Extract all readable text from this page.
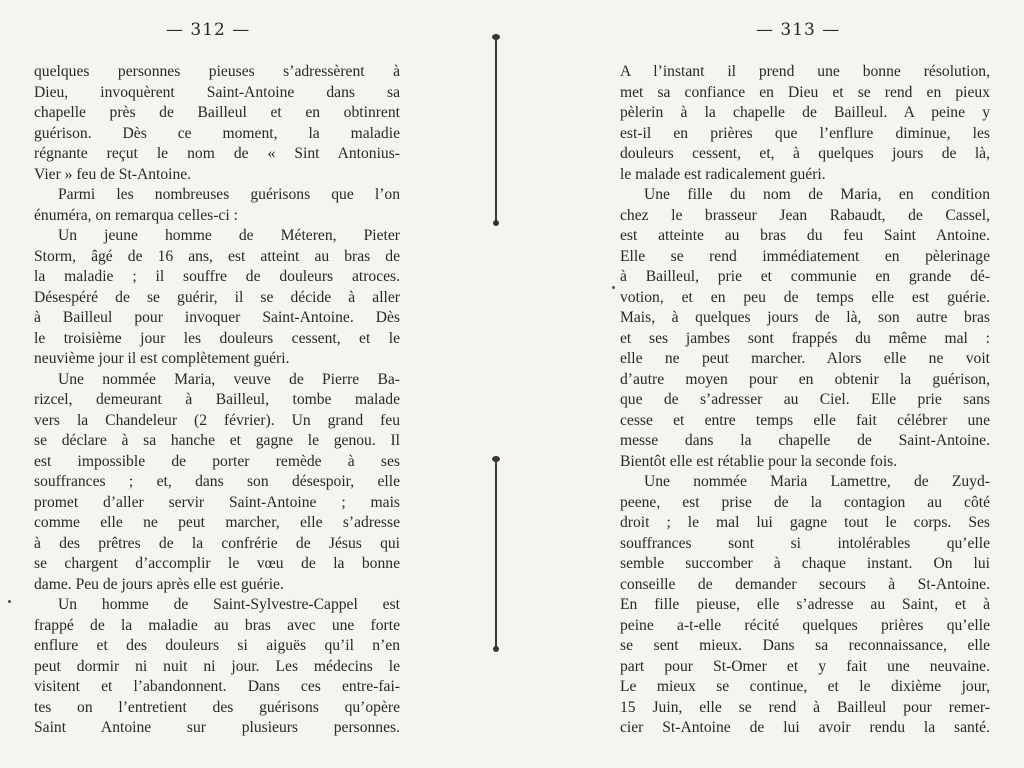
— 312 —
quelques personnes pieuses s’adressèrent à
Dieu, invoquèrent Saint-Antoine dans sa
chapelle près de Bailleul et en obtinrent
guérison. Dès ce moment, la maladie
régnante reçut le nom de « Sint Antonius-
Vier » feu de St-Antoine.
Parmi les nombreuses guérisons que l’on
énuméra, on remarqua celles-ci :
Un jeune homme de Méteren, Pieter
Storm, âgé de 16 ans, est atteint au bras de
la maladie ; il souffre de douleurs atroces.
Désespéré de se guérir, il se décide à aller
à Bailleul pour invoquer Saint-Antoine. Dès
le troisième jour les douleurs cessent, et le
neuvième jour il est complètement guéri.
Une nommée Maria, veuve de Pierre Ba-
rizcel, demeurant à Bailleul, tombe malade
vers la Chandeleur (2 février). Un grand feu
se déclare à sa hanche et gagne le genou. Il
est impossible de porter remède à ses
souffrances ; et, dans son désespoir, elle
promet d’aller servir Saint-Antoine ; mais
comme elle ne peut marcher, elle s’adresse
à des prêtres de la confrérie de Jésus qui
se chargent d’accomplir le vœu de la bonne
dame. Peu de jours après elle est guérie.
Un homme de Saint-Sylvestre-Cappel est
frappé de la maladie au bras avec une forte
enflure et des douleurs si aiguës qu’il n’en
peut dormir ni nuit ni jour. Les médecins le
visitent et l’abandonnent. Dans ces entre-fai-
tes on l’entretient des guérisons qu’opère
Saint Antoine sur plusieurs personnes.
— 313 —
A l’instant il prend une bonne résolution,
met sa confiance en Dieu et se rend en pieux
pèlerin à la chapelle de Bailleul. A peine y
est-il en prières que l’enflure diminue, les
douleurs cessent, et, à quelques jours de là,
le malade est radicalement guéri.
Une fille du nom de Maria, en condition
chez le brasseur Jean Rabaudt, de Cassel,
est atteinte au bras du feu Saint Antoine.
Elle se rend immédiatement en pèlerinage
à Bailleul, prie et communie en grande dé-
votion, et en peu de temps elle est guérie.
Mais, à quelques jours de là, son autre bras
et ses jambes sont frappés du même mal :
elle ne peut marcher. Alors elle ne voit
d’autre moyen pour en obtenir la guérison,
que de s’adresser au Ciel. Elle prie sans
cesse et entre temps elle fait célébrer une
messe dans la chapelle de Saint-Antoine.
Bientôt elle est rétablie pour la seconde fois.
Une nommée Maria Lamettre, de Zuyd-
peene, est prise de la contagion au côté
droit ; le mal lui gagne tout le corps. Ses
souffrances sont si intolérables qu’elle
semble succomber à chaque instant. On lui
conseille de demander secours à St-Antoine.
En fille pieuse, elle s’adresse au Saint, et à
peine a-t-elle récité quelques prières qu’elle
se sent mieux. Dans sa reconnaissance, elle
part pour St-Omer et y fait une neuvaine.
Le mieux se continue, et le dixième jour,
15 Juin, elle se rend à Bailleul pour remer-
cier St-Antoine de lui avoir rendu la santé.
